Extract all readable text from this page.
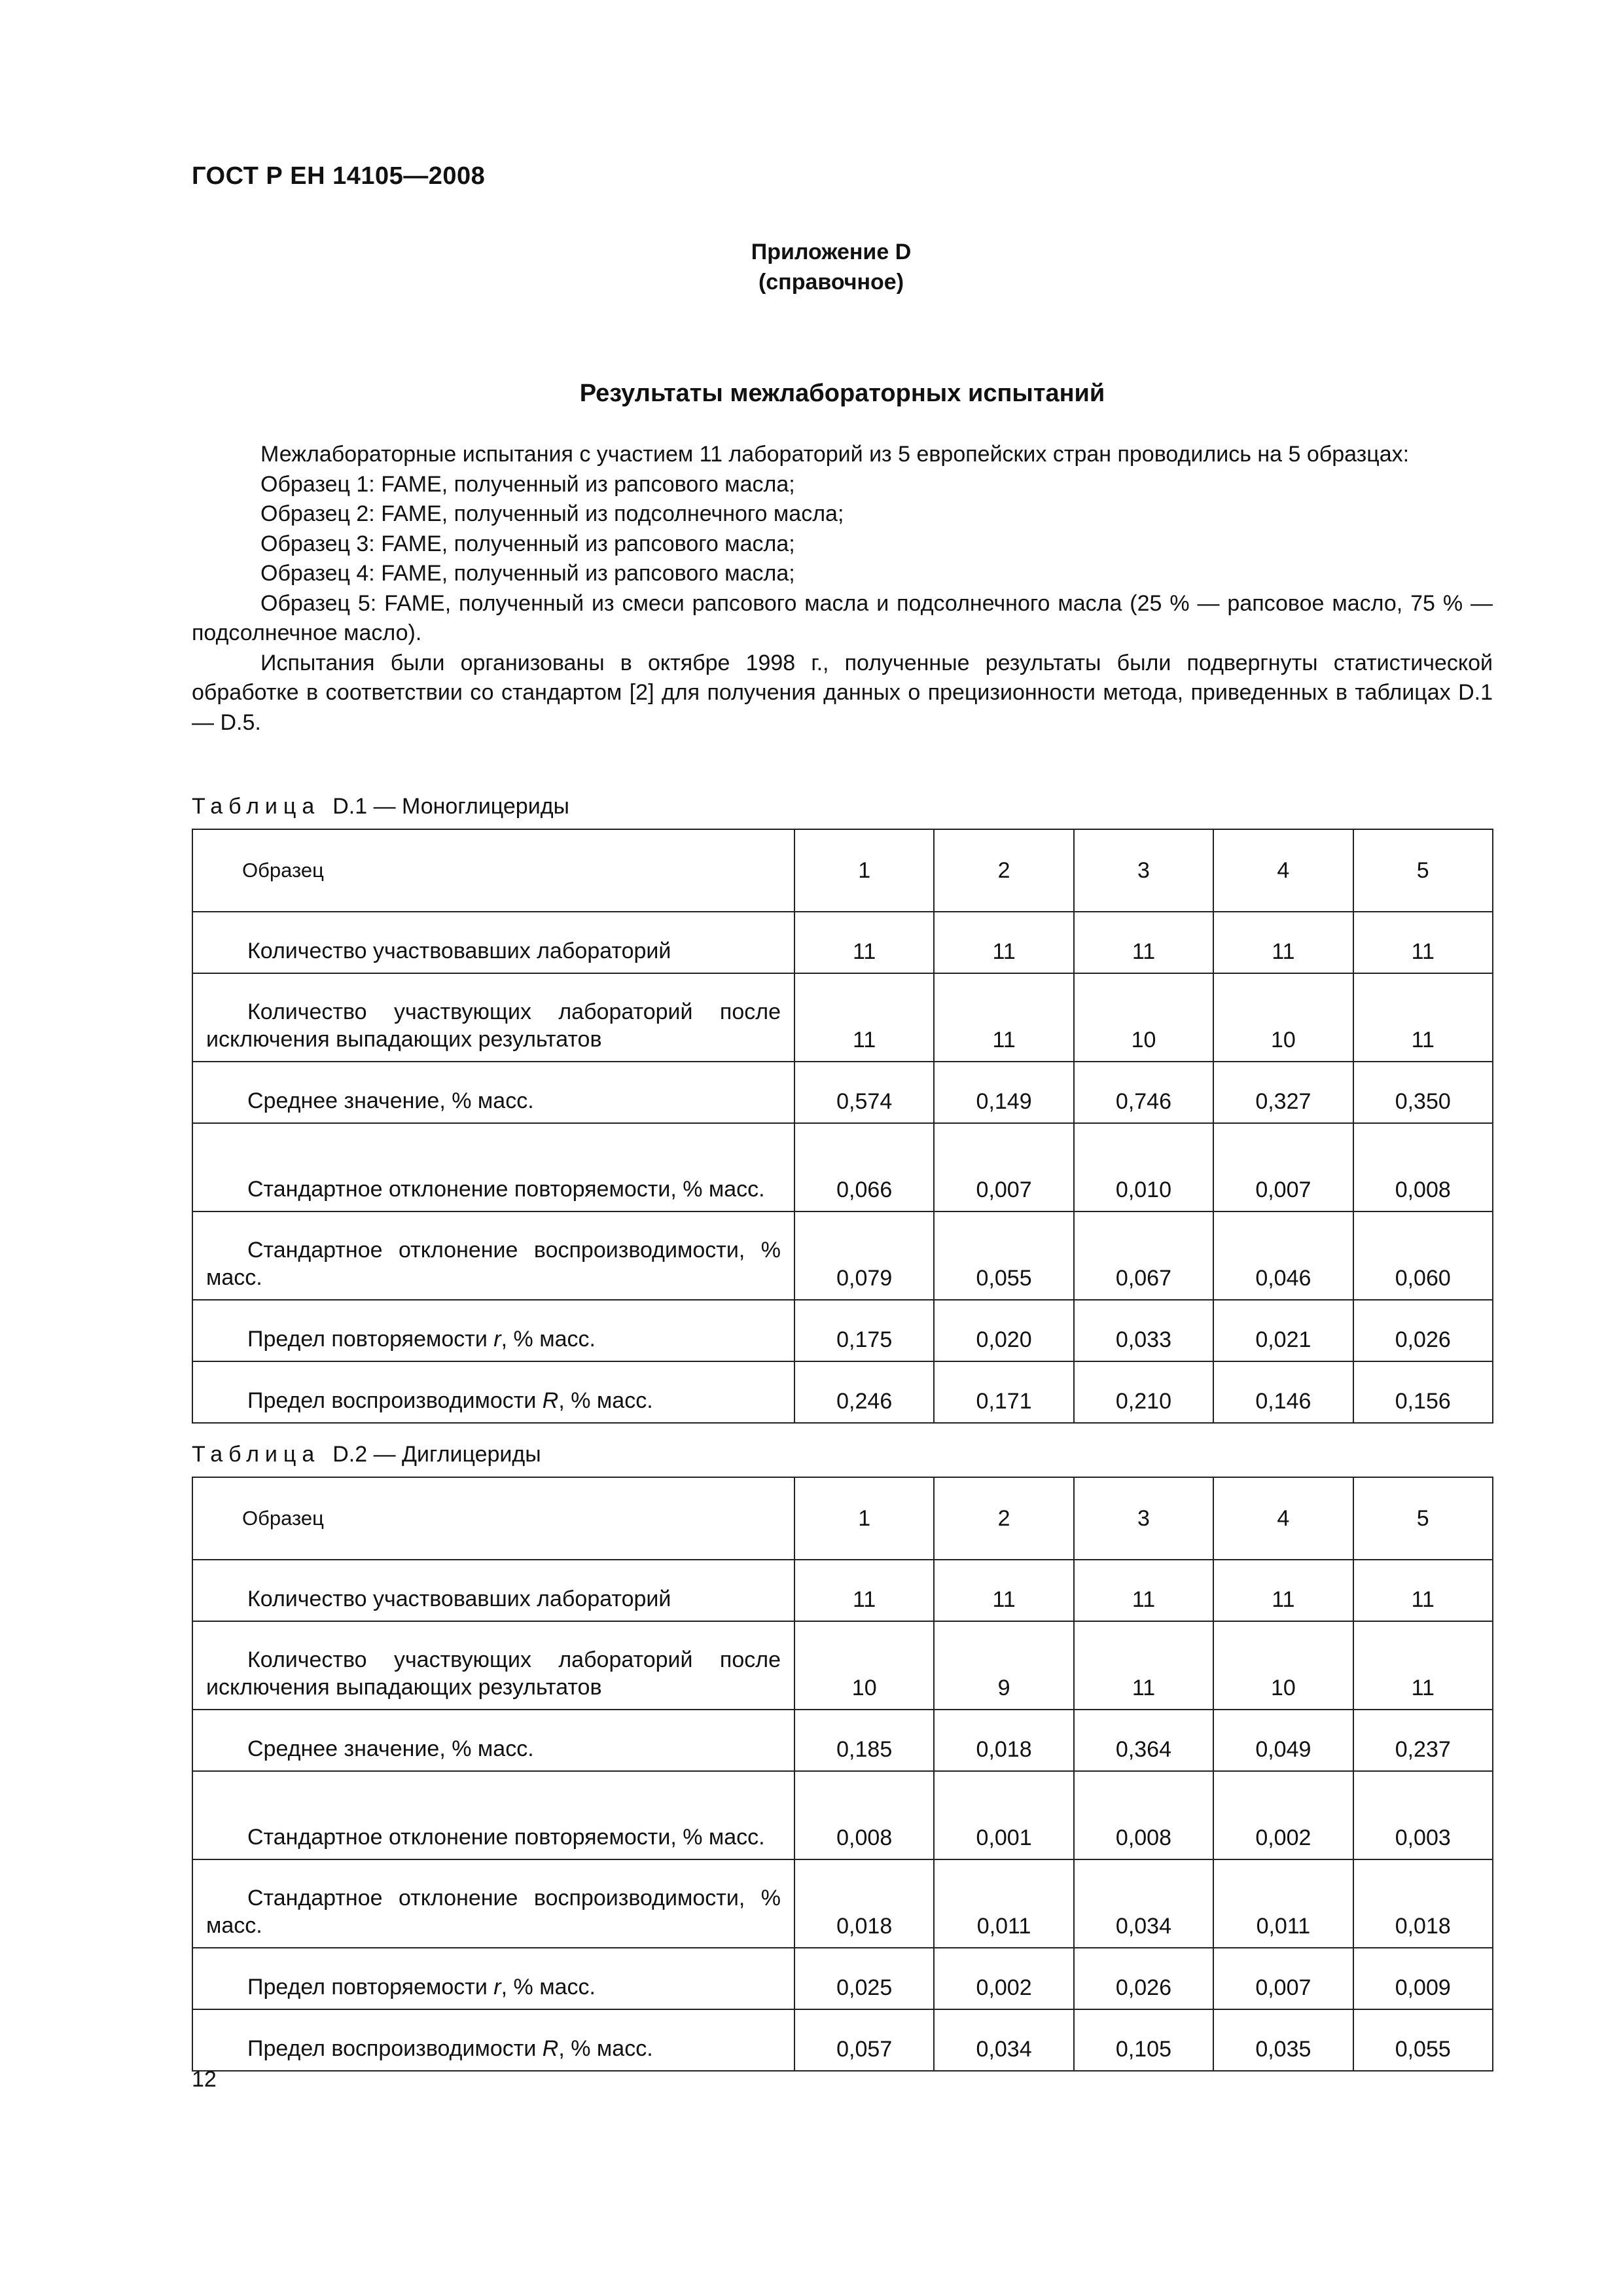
ГОСТ Р ЕН 14105—2008
Приложение D
(справочное)
Результаты межлабораторных испытаний

Межлабораторные испытания с участием 11 лабораторий из 5 европейских стран проводились на 5 образцах:

Образец 1: FAME, полученный из рапсового масла;

Образец 2: FAME, полученный из подсолнечного масла;

Образец 3: FAME, полученный из рапсового масла;

Образец 4: FAME, полученный из рапсового масла;

Образец 5: FAME, полученный из смеси рапсового масла и подсолнечного масла (25 % — рапсовое масло, 75 % — подсолнечное масло).

Испытания были организованы в октябре 1998 г., полученные результаты были подвергнуты статистической обработке в соответствии со стандартом [2] для получения данных о прецизионности метода, приведенных в таблицах D.1 — D.5.

Таблица D.1 — Моноглицериды
Образец	1	2	3	4	5

Количество участвовавших лабораторий	11	11	11	11	11

Количество участвующих лабораторий после исключения выпадающих результатов	11	11	10	10	11

Среднее значение, % масс.	0,574	0,149	0,746	0,327	0,350

Стандартное отклонение повторяемости, % масс.	0,066	0,007	0,010	0,007	0,008

Стандартное отклонение воспроизводимости, % масс.	0,079	0,055	0,067	0,046	0,060

Предел повторяемости r, % масс.	0,175	0,020	0,033	0,021	0,026

Предел воспроизводимости R, % масс.	0,246	0,171	0,210	0,146	0,156
Таблица D.2 — Диглицериды
Образец	1	2	3	4	5

Количество участвовавших лабораторий	11	11	11	11	11

Количество участвующих лабораторий после исключения выпадающих результатов	10	9	11	10	11

Среднее значение, % масс.	0,185	0,018	0,364	0,049	0,237

Стандартное отклонение повторяемости, % масс.	0,008	0,001	0,008	0,002	0,003

Стандартное отклонение воспроизводимости, % масс.	0,018	0,011	0,034	0,011	0,018

Предел повторяемости r, % масс.	0,025	0,002	0,026	0,007	0,009

Предел воспроизводимости R, % масс.	0,057	0,034	0,105	0,035	0,055
12
